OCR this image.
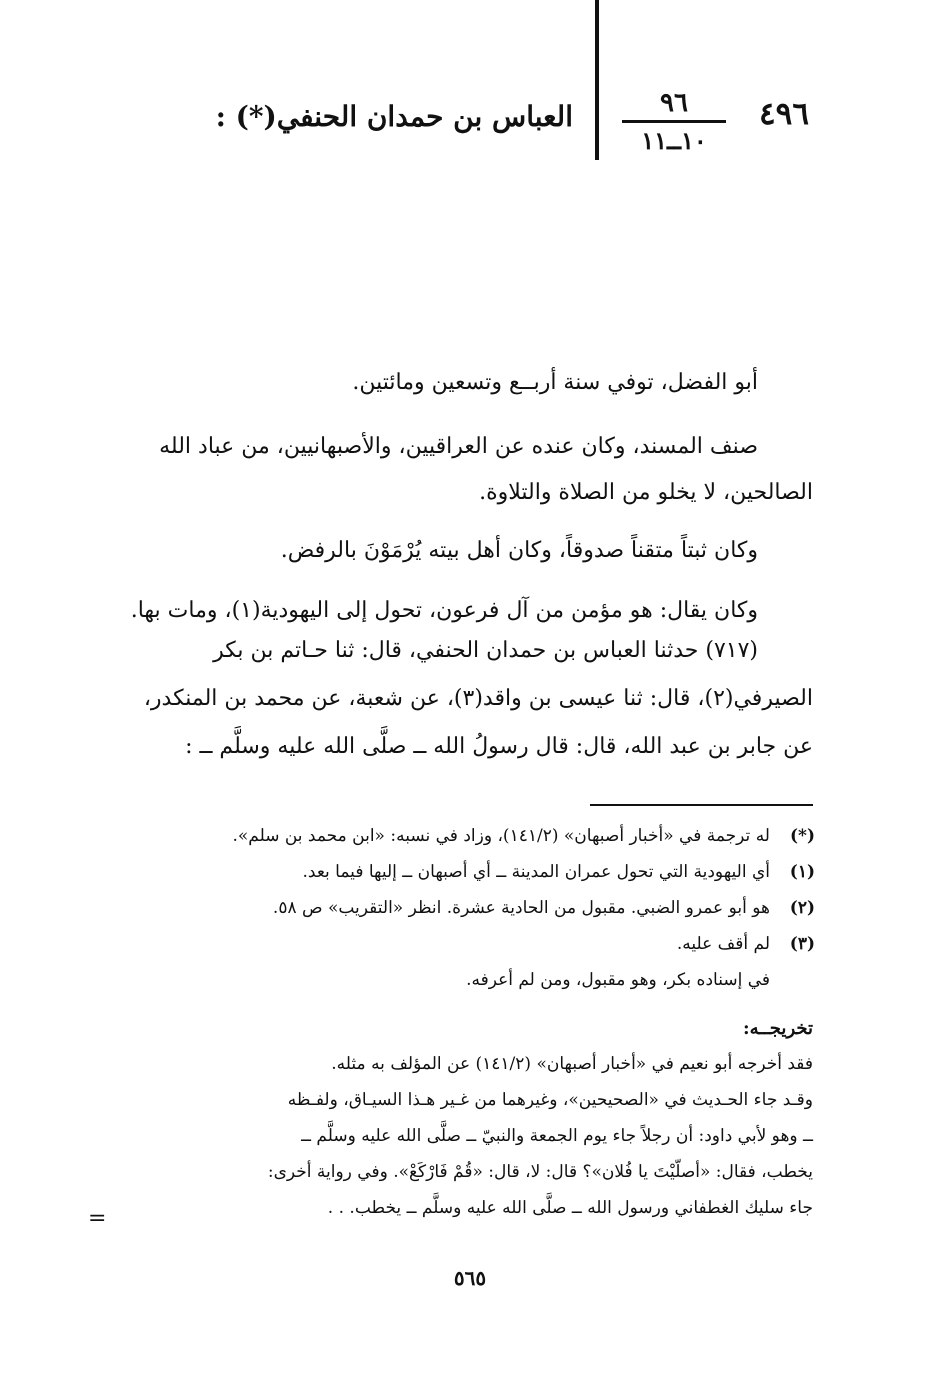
٤٩٦
٩٦
١٠ــ١١
العباس بن حمدان الحنفي(*) :
أبو الفضل، توفي سنة أربــع وتسعين ومائتين.
صنف المسند، وكان عنده عن العراقيين، والأصبهانيين، من عباد الله
الصالحين، لا يخلو من الصلاة والتلاوة.
وكان ثبتاً متقناً صدوقاً، وكان أهل بيته يُرْمَوْنَ بالرفض.
وكان يقال: هو مؤمن من آل فرعون، تحول إلى اليهودية(١)، ومات بها.
(٧١٧) حدثنا العباس بن حمدان الحنفي، قال: ثنا حـاتم بن بكر
الصيرفي(٢)، قال: ثنا عيسى بن واقد(٣)، عن شعبة، عن محمد بن المنكدر،
عن جابر بن عبد الله، قال: قال رسولُ الله ــ صلَّى الله عليه وسلَّم ــ :
(*)
له ترجمة في «أخبار أصبهان» (١٤١/٢)، وزاد في نسبه: «ابن محمد بن سلم».
(١)
أي اليهودية التي تحول عمران المدينة ــ أي أصبهان ــ إليها فيما بعد.
(٢)
هو أبو عمرو الضبي. مقبول من الحادية عشرة. انظر «التقريب» ص ٥٨.
(٣)
لم أقف عليه.
في إسناده بكر، وهو مقبول، ومن لم أعرفه.
تخريجــه:
فقد أخرجه أبو نعيم في «أخبار أصبهان» (١٤١/٢) عن المؤلف به مثله.
وقـد جاء الحـديث في «الصحيحين»، وغيرهما من غـير هـذا السيـاق، ولفـظه
ــ وهو لأبي داود: أن رجلاً جاء يوم الجمعة والنبيّ ــ صلَّى الله عليه وسلَّم ــ
يخطب، فقال: «أصلّيْتَ يا فُلان»؟ قال: لا، قال: «قُمْ فَارْكَعْ». وفي رواية أخرى:
جاء سليك الغطفاني ورسول الله ــ صلَّى الله عليه وسلَّم ــ يخطب. . .
=
٥٦٥
